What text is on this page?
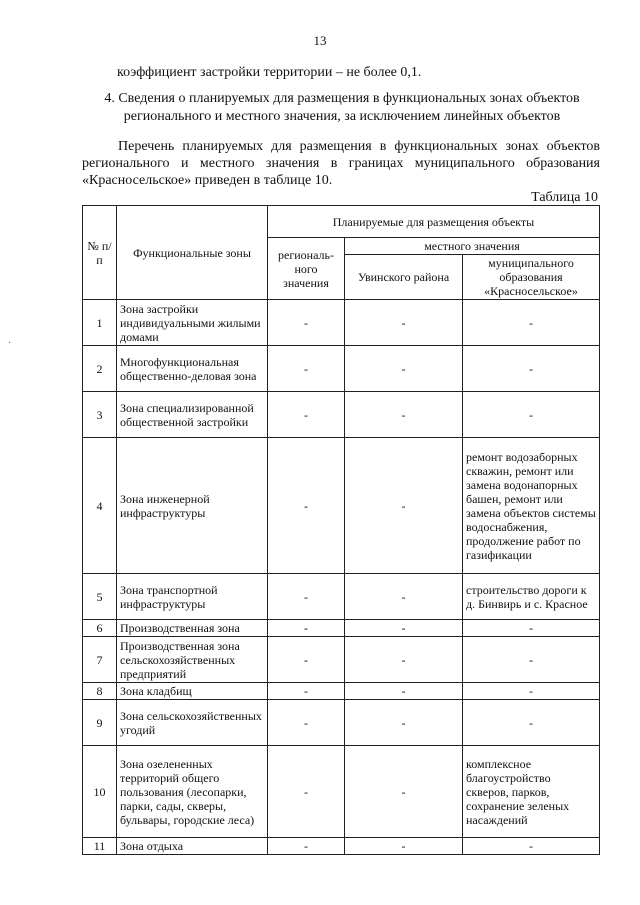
13
коэффициент застройки территории – не более 0,1.
4. Сведения о планируемых для размещения в функциональных зонах объектов
регионального и местного значения, за исключением линейных объектов
Перечень планируемых для размещения в функциональных зонах объектов регионального и местного значения в границах муниципального образования «Красносельское» приведен в таблице 10.
Таблица 10
№ п/п	Функциональные зоны	Планируемые для размещения объекты		
		региональ-ного значения	местного значения	
			Увинского района	муниципального образования «Красносельское»
1	Зона застройки индивидуальными жилыми домами	-	-	-
2	Многофункциональная общественно-деловая зона	-	-	-
3	Зона специализированной общественной застройки	-	-	-
4	Зона инженерной инфраструктуры	-	-	ремонт водозаборных скважин, ремонт или замена водонапорных башен, ремонт или замена объектов системы водоснабжения, продолжение работ по газификации
5	Зона транспортной инфраструктуры	-	-	строительство дороги к д. Бинвирь и с. Красное
6	Производственная зона	-	-	-
7	Производственная зона сельскохозяйственных предприятий	-	-	-
8	Зона кладбищ	-	-	-
9	Зона сельскохозяйственных угодий	-	-	-
10	Зона озелененных территорий общего пользования (лесопарки, парки, сады, скверы, бульвары, городские леса)	-	-	комплексное благоустройство скверов, парков, сохранение зеленых насаждений
11	Зона отдыха	-	-	-
·
